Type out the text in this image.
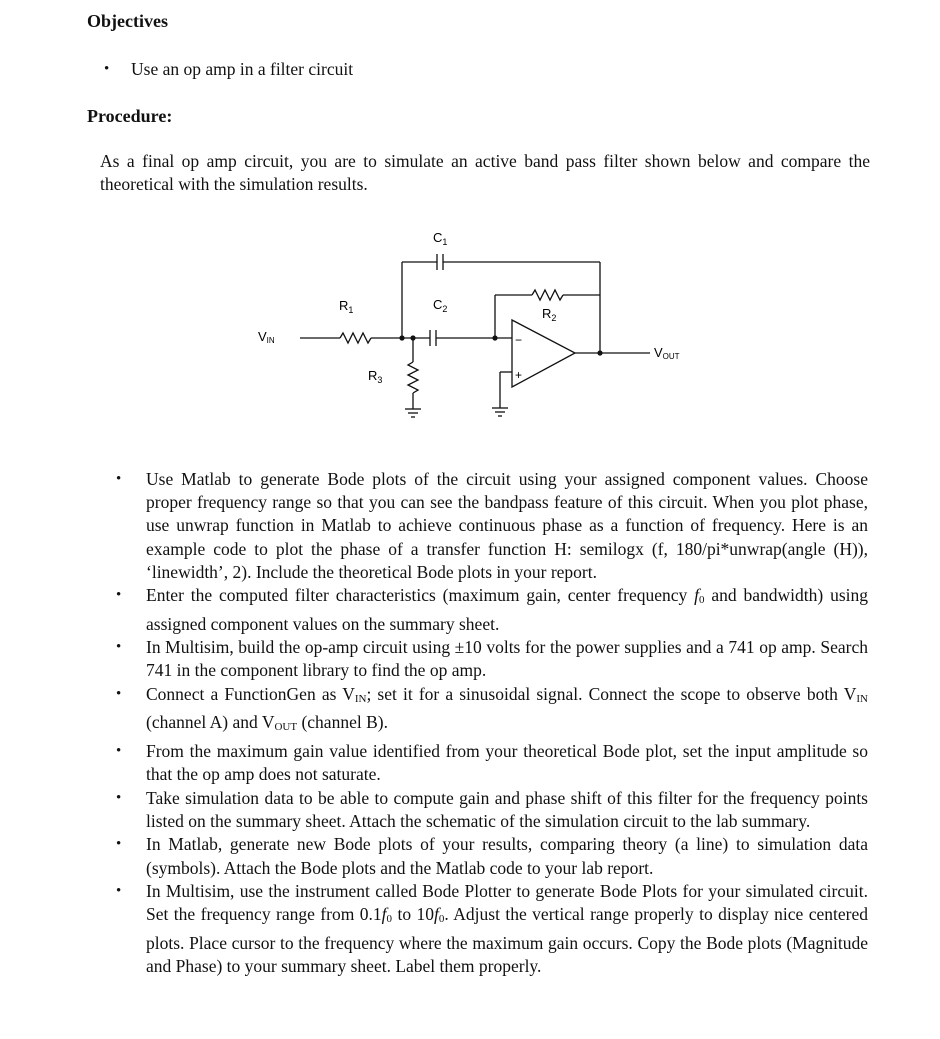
Objectives
• Use an op amp in a filter circuit
Procedure:
As a final op amp circuit, you are to simulate an active band pass filter shown below and compare the theoretical with the simulation results.
VIN
$R_1$
$C_1$
$C_2$	$R_2$
$R_3$
VOUT
−
+
• Use Matlab to generate Bode plots of the circuit using your assigned component values. Choose proper frequency range so that you can see the bandpass feature of this circuit. When you plot phase, use unwrap function in Matlab to achieve continuous phase as a function of frequency. Here is an example code to plot the phase of a transfer function H: semilogx (f, 180/pi*unwrap(angle (H)), ‘linewidth’, 2). Include the theoretical Bode plots in your report.
• Enter the computed filter characteristics (maximum gain, center frequency $f_0$ and bandwidth) using assigned component values on the summary sheet.
• In Multisim, build the op-amp circuit using ±10 volts for the power supplies and a 741 op amp. Search 741 in the component library to find the op amp.
• Connect a FunctionGen as $V_{IN}$; set it for a sinusoidal signal. Connect the scope to observe both $V_{IN}$ (channel A) and $V_{OUT}$ (channel B).
• From the maximum gain value identified from your theoretical Bode plot, set the input amplitude so that the op amp does not saturate.
• Take simulation data to be able to compute gain and phase shift of this filter for the frequency points listed on the summary sheet. Attach the schematic of the simulation circuit to the lab summary.
• In Matlab, generate new Bode plots of your results, comparing theory (a line) to simulation data (symbols). Attach the Bode plots and the Matlab code to your lab report.
• In Multisim, use the instrument called Bode Plotter to generate Bode Plots for your simulated circuit. Set the frequency range from $0.1f_0$ to $10f_0$. Adjust the vertical range properly to display nice centered plots. Place cursor to the frequency where the maximum gain occurs. Copy the Bode plots (Magnitude and Phase) to your summary sheet. Label them properly.
